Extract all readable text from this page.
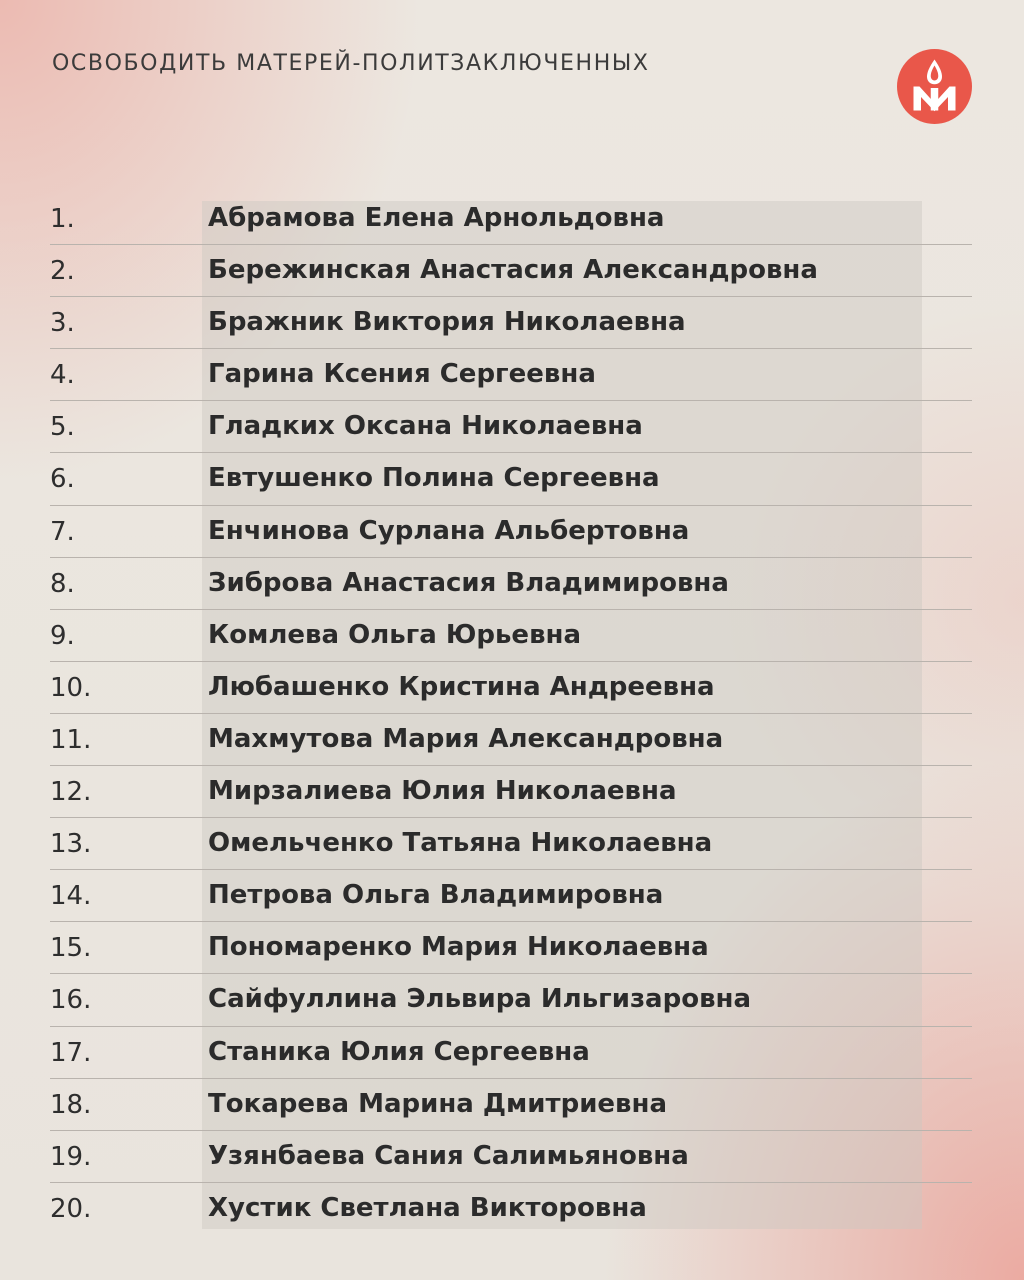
ОСВОБОДИТЬ МАТЕРЕЙ-ПОЛИТЗАКЛЮЧЕННЫХ
1.	Абрамова Елена Арнольдовна
2.	Бережинская Анастасия Александровна
3.	Бражник Виктория Николаевна
4.	Гарина Ксения Сергеевна
5.	Гладких Оксана Николаевна
6.	Евтушенко Полина Сергеевна
7.	Енчинова Сурлана Альбертовна
8.	Зиброва Анастасия Владимировна
9.	Комлева Ольга Юрьевна
10.	Любашенко Кристина Андреевна
11.	Махмутова Мария Александровна
12.	Мирзалиева Юлия Николаевна
13.	Омельченко Татьяна Николаевна
14.	Петрова Ольга Владимировна
15.	Пономаренко Мария Николаевна
16.	Сайфуллина Эльвира Ильгизаровна
17.	Станика Юлия Сергеевна
18.	Токарева Марина Дмитриевна
19.	Узянбаева Сания Салимьяновна
20.	Хустик Светлана Викторовна
